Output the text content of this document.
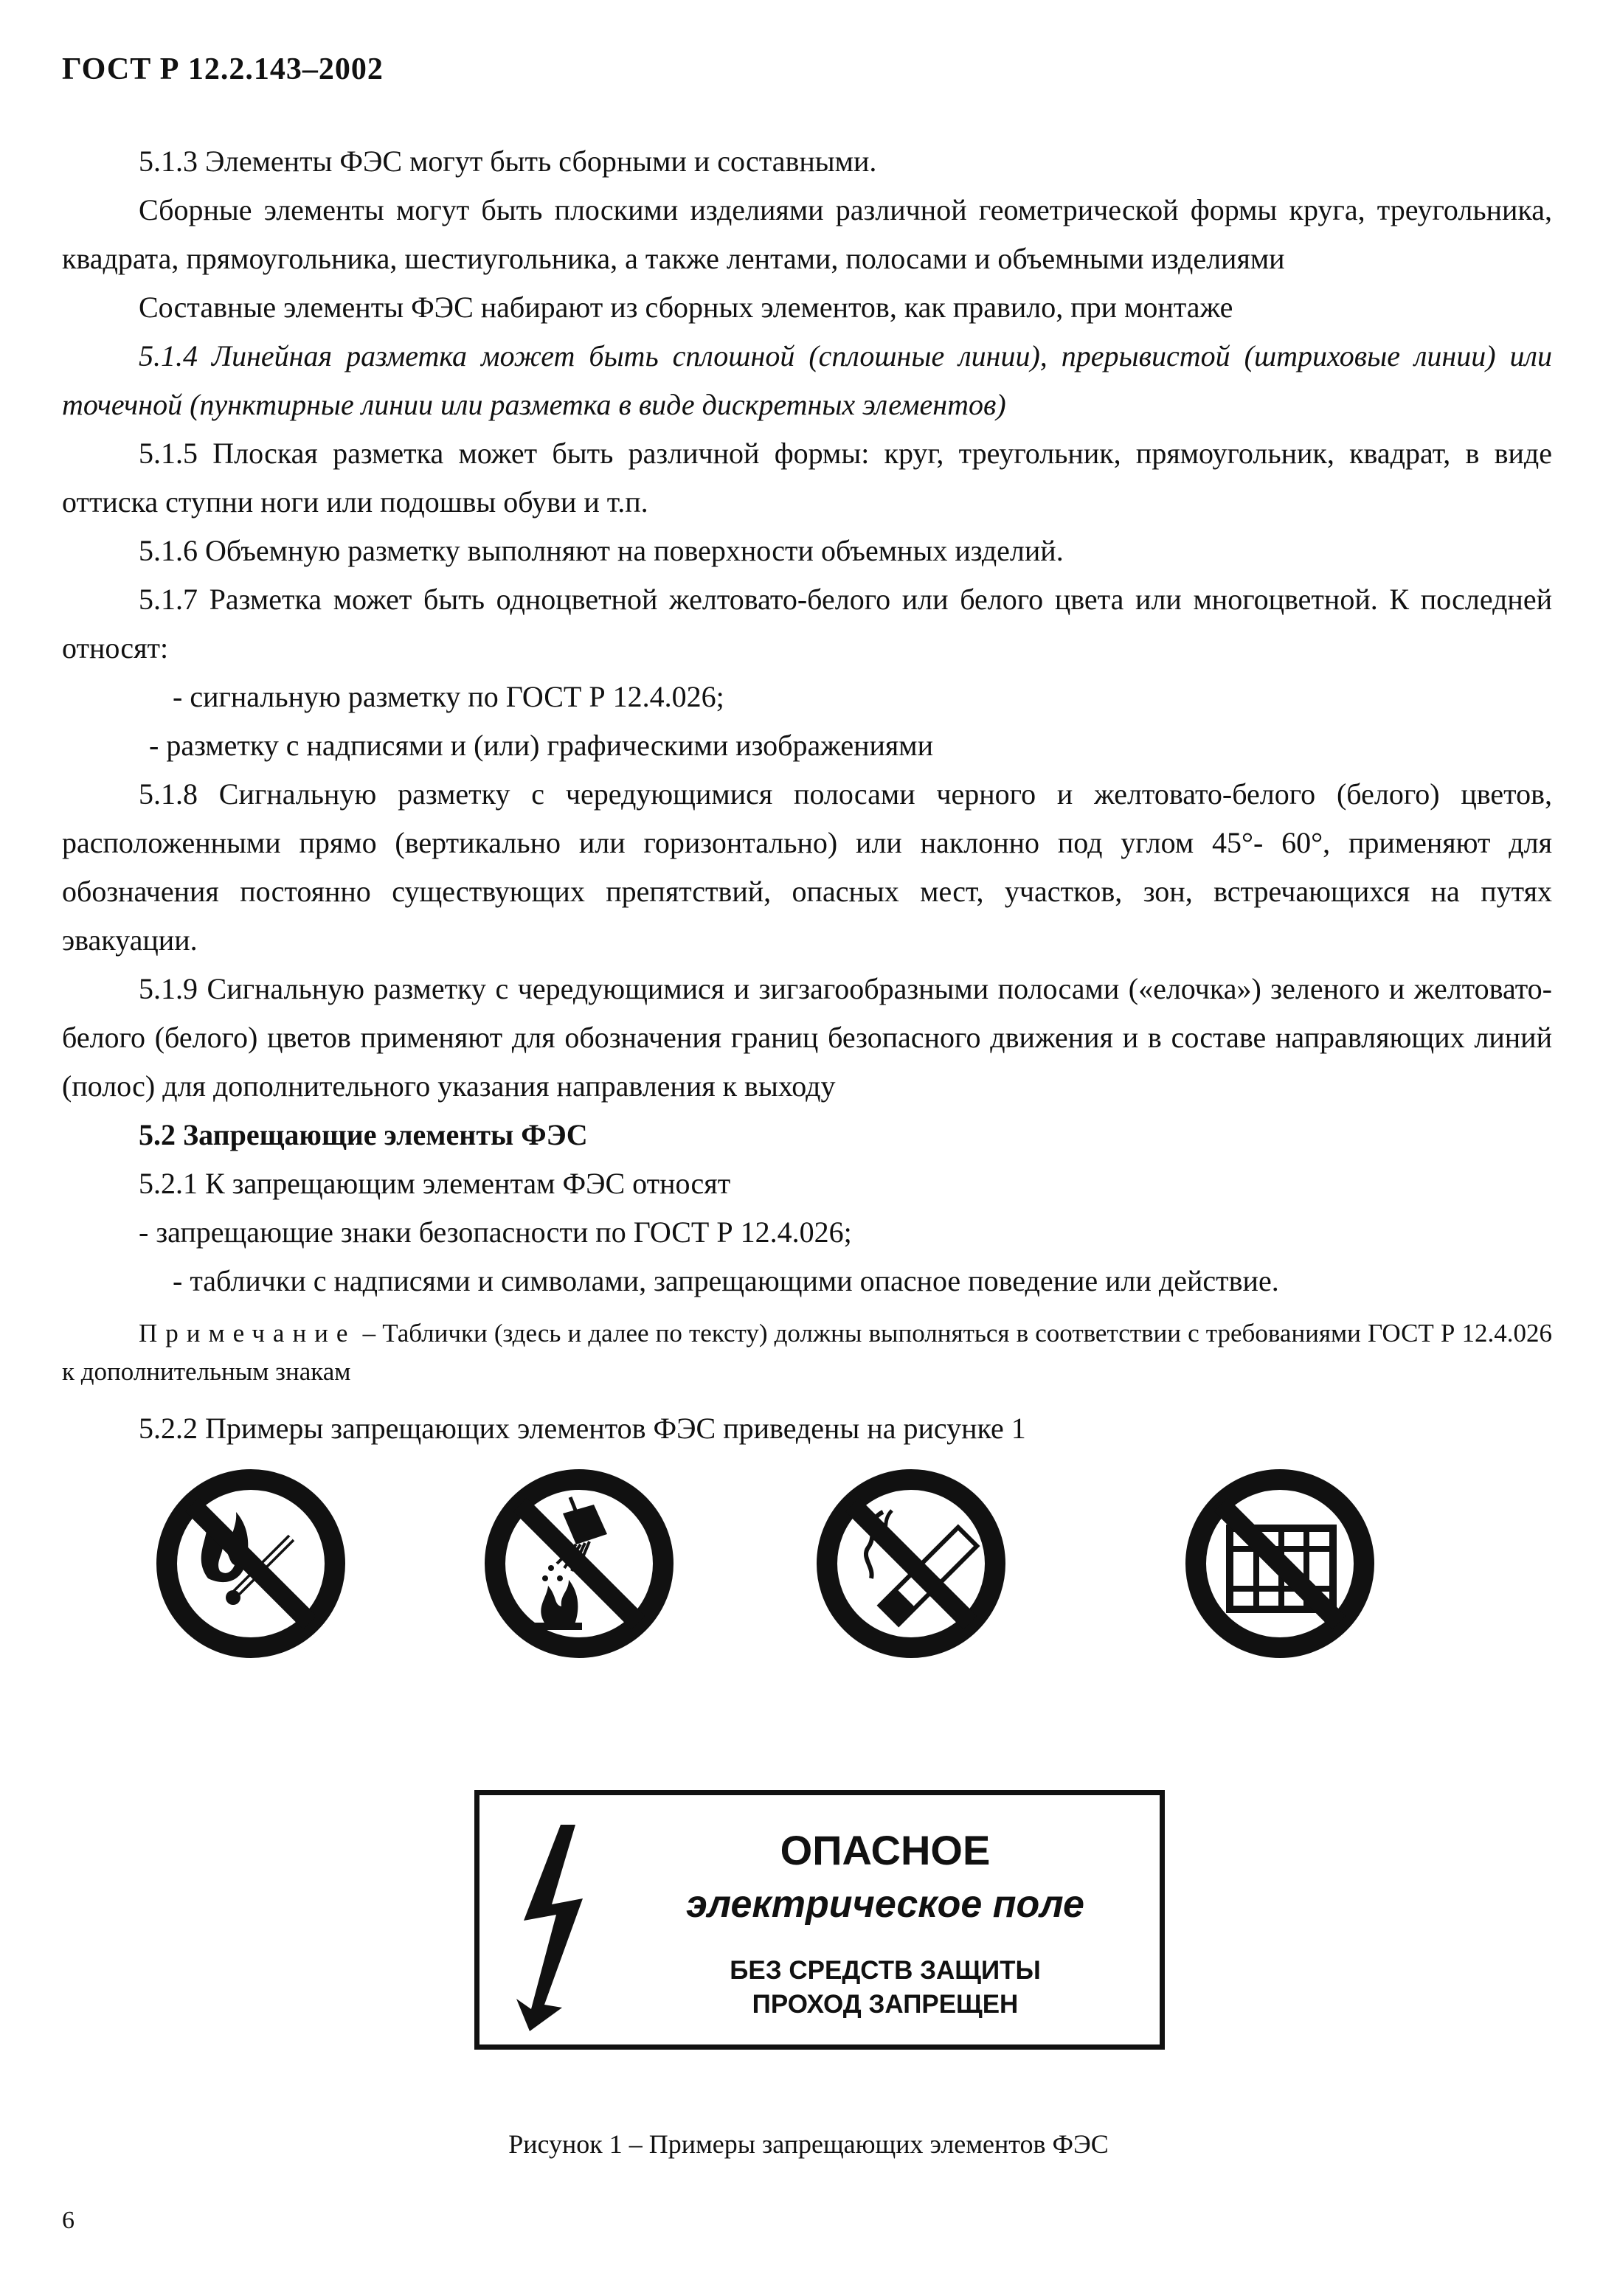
ГОСТ Р 12.2.143–2002

5.1.3 Элементы ФЭС могут быть сборными и составными.

Сборные элементы могут быть плоскими изделиями различной геометрической формы круга, треугольника, квадрата, прямоугольника, шестиугольника, а также лентами, полосами и объемными изделиями

Составные элементы ФЭС набирают из сборных элементов, как правило, при монтаже

5.1.4 Линейная разметка может быть сплошной (сплошные линии), прерывистой (штриховые линии) или точечной (пунктирные линии или разметка в виде дискретных элементов)

5.1.5 Плоская разметка может быть различной формы: круг, треугольник, прямоугольник, квадрат, в виде оттиска ступни ноги или подошвы обуви и т.п.

5.1.6 Объемную разметку выполняют на поверхности объемных изделий.

5.1.7 Разметка может быть одноцветной желтовато-белого или белого цвета или многоцветной. К последней относят:

- сигнальную разметку по ГОСТ Р 12.4.026;

- разметку с надписями и (или) графическими изображениями

5.1.8 Сигнальную разметку с чередующимися полосами черного и желтовато-белого (белого) цветов, расположенными прямо (вертикально или горизонтально) или наклонно под углом 45°- 60°, применяют для обозначения постоянно существующих препятствий, опасных мест, участков, зон, встречающихся на путях эвакуации.

5.1.9 Сигнальную разметку с чередующимися и зигзагообразными полосами («елочка») зеленого и желтовато-белого (белого) цветов применяют для обозначения границ безопасного движения и в составе направляющих линий (полос) для дополнительного указания направления к выходу

5.2 Запрещающие элементы ФЭС

5.2.1 К запрещающим элементам ФЭС относят

- запрещающие знаки безопасности по ГОСТ Р 12.4.026;

- таблички с надписями и символами, запрещающими опасное поведение или действие.

Примечание – Таблички (здесь и далее по тексту) должны выполняться в соответствии с требованиями ГОСТ Р 12.4.026 к дополнительным знакам

5.2.2 Примеры запрещающих элементов ФЭС приведены на рисунке 1

ОПАСНОЕ
электрическое поле
БЕЗ СРЕДСТВ ЗАЩИТЫ
ПРОХОД ЗАПРЕЩЕН
Рисунок 1 – Примеры запрещающих элементов ФЭС
6
